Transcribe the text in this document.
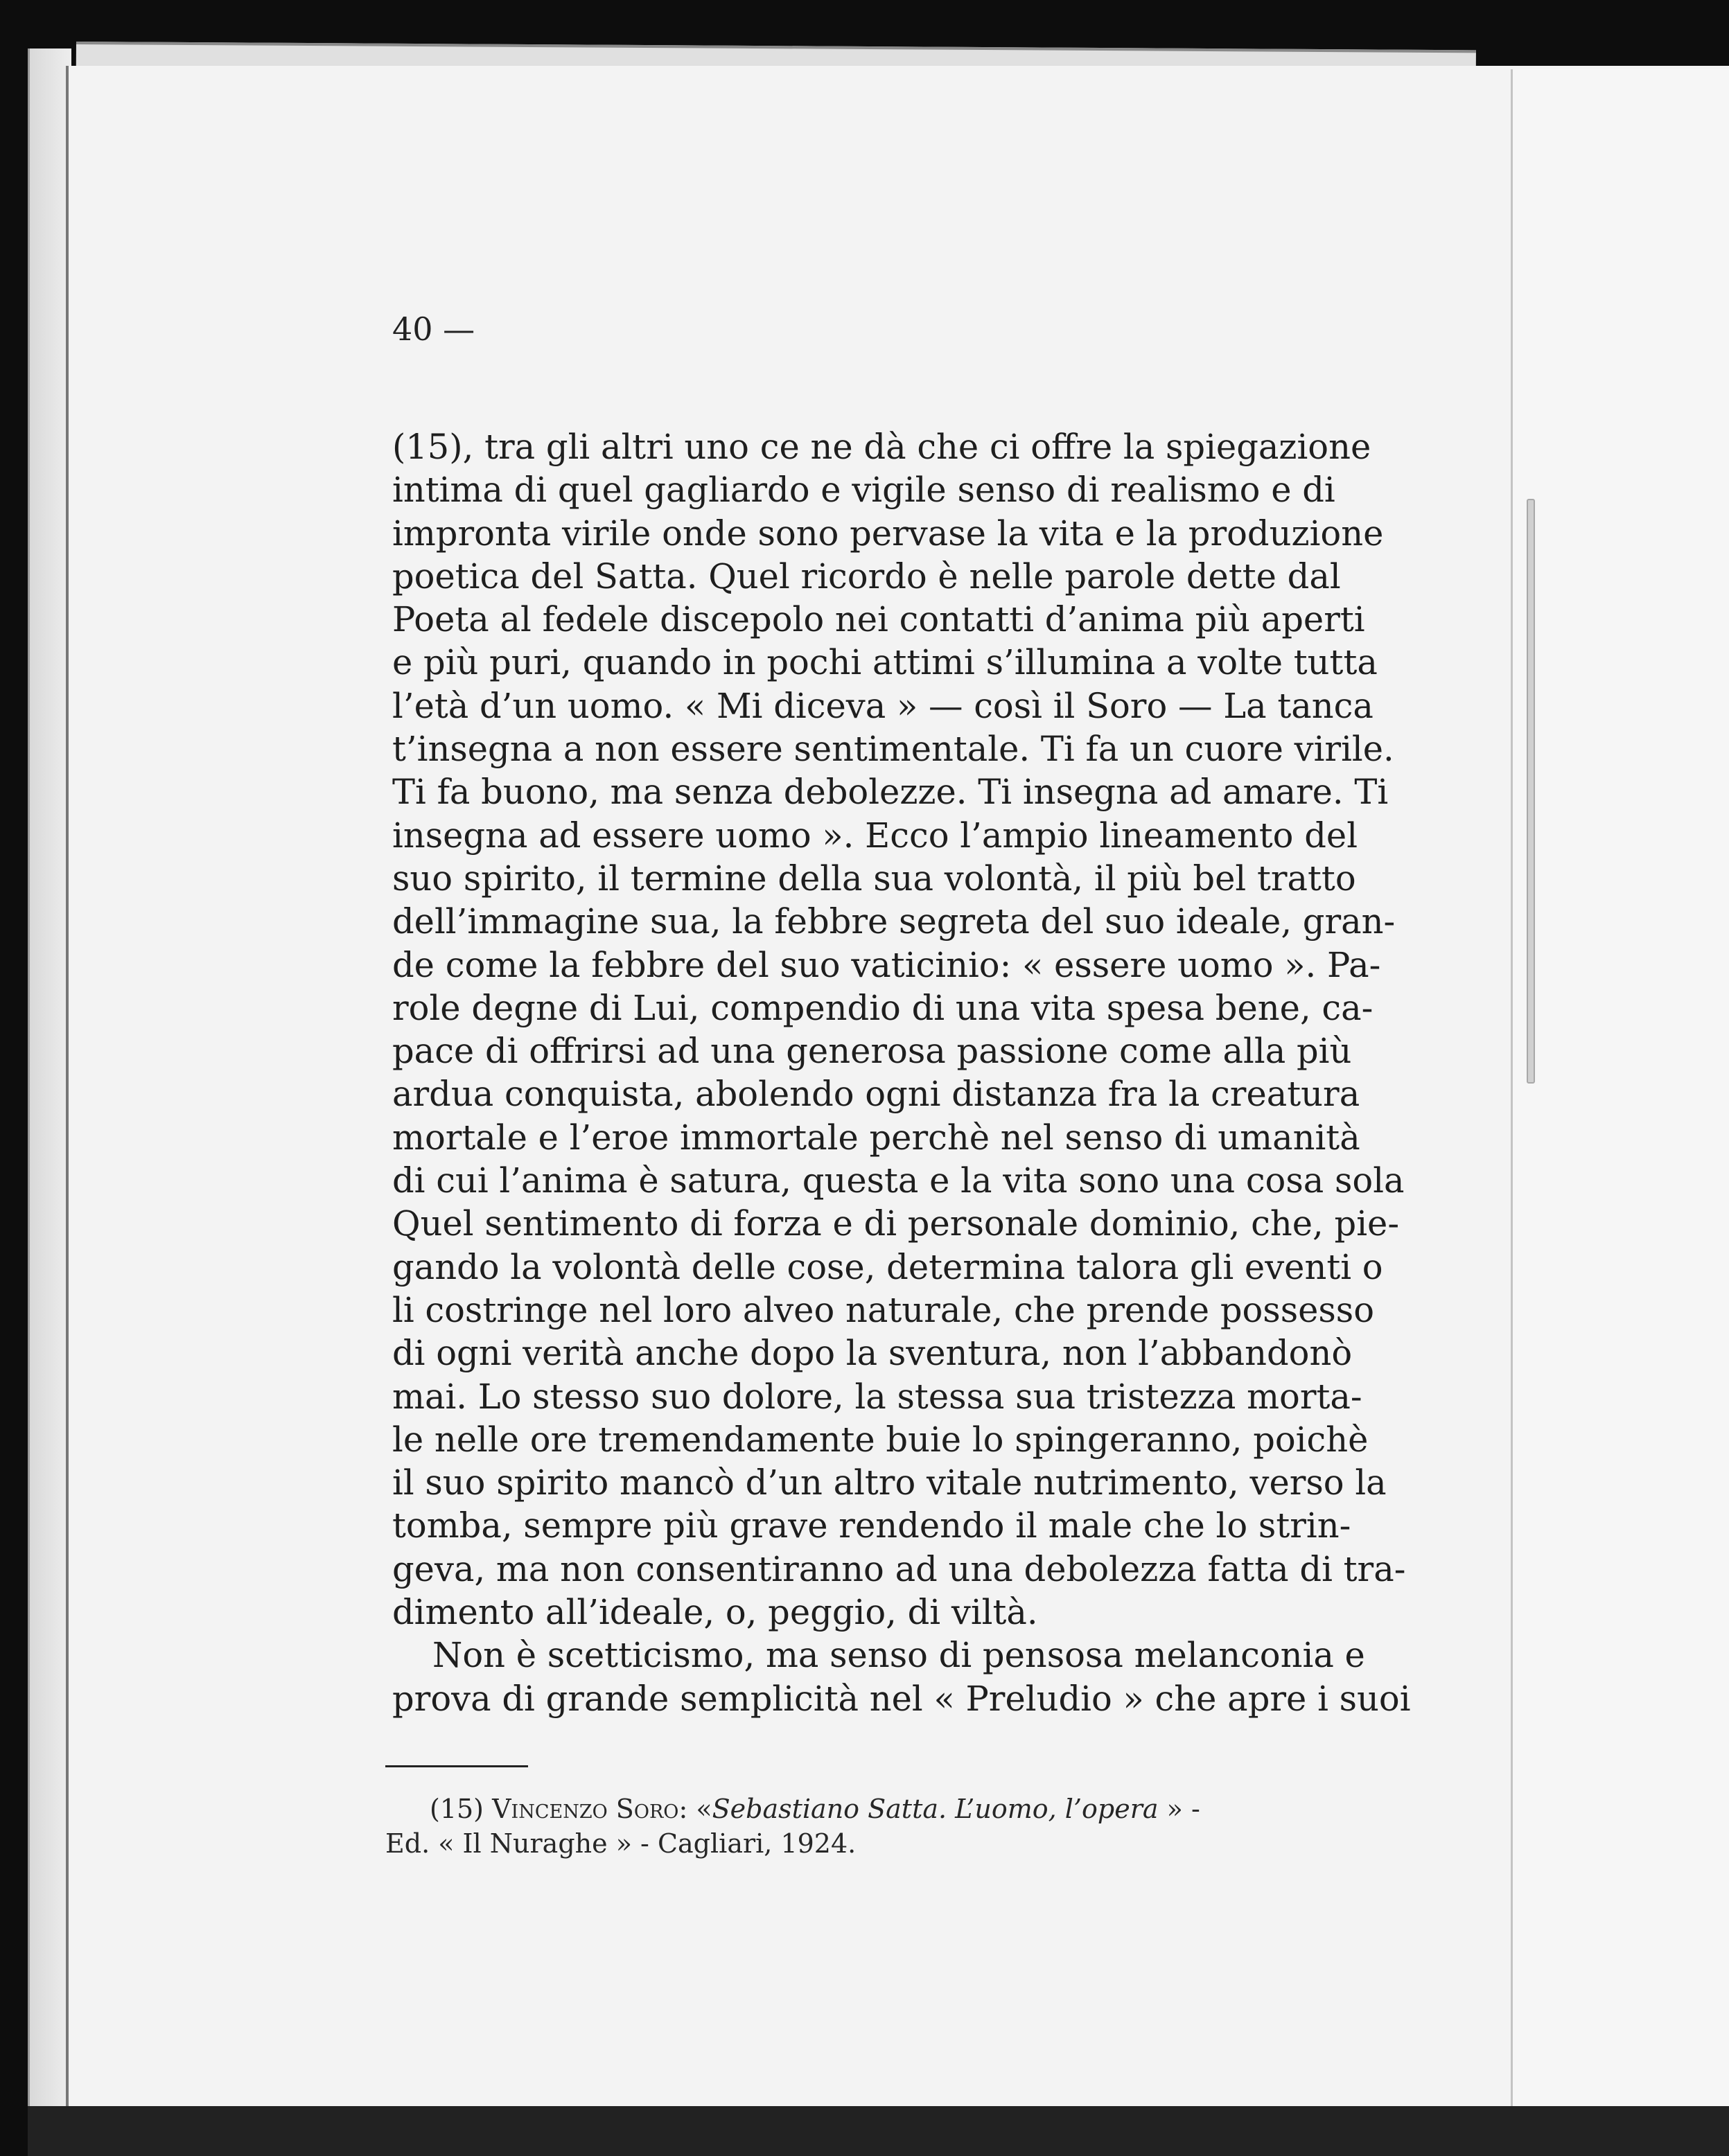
40 —
(15), tra gli altri uno ce ne dà che ci offre la spiegazione
intima di quel gagliardo e vigile senso di realismo e di
impronta virile onde sono pervase la vita e la produzione
poetica del Satta. Quel ricordo è nelle parole dette dal
Poeta al fedele discepolo nei contatti d’anima più aperti
e più puri, quando in pochi attimi s’illumina a volte tutta
l’età d’un uomo. « Mi diceva » — così il Soro — La tanca
t’insegna a non essere sentimentale. Ti fa un cuore virile.
Ti fa buono, ma senza debolezze. Ti insegna ad amare. Ti
insegna ad essere uomo ». Ecco l’ampio lineamento del
suo spirito, il termine della sua volontà, il più bel tratto
dell’immagine sua, la febbre segreta del suo ideale, gran-
de come la febbre del suo vaticinio: « essere uomo ». Pa-
role degne di Lui, compendio di una vita spesa bene, ca-
pace di offrirsi ad una generosa passione come alla più
ardua conquista, abolendo ogni distanza fra la creatura
mortale e l’eroe immortale perchè nel senso di umanità
di cui l’anima è satura, questa e la vita sono una cosa sola
Quel sentimento di forza e di personale dominio, che, pie-
gando la volontà delle cose, determina talora gli eventi o
li costringe nel loro alveo naturale, che prende possesso
di ogni verità anche dopo la sventura, non l’abbandonò
mai. Lo stesso suo dolore, la stessa sua tristezza morta-
le nelle ore tremendamente buie lo spingeranno, poichè
il suo spirito mancò d’un altro vitale nutrimento, verso la
tomba, sempre più grave rendendo il male che lo strin-
geva, ma non consentiranno ad una debolezza fatta di tra-
dimento all’ideale, o, peggio, di viltà.
Non è scetticismo, ma senso di pensosa melanconia e
prova di grande semplicità nel « Preludio » che apre i suoi
(15) Vincenzo Soro: «Sebastiano Satta. L’uomo, l’opera » -
Ed. « Il Nuraghe » - Cagliari, 1924.
